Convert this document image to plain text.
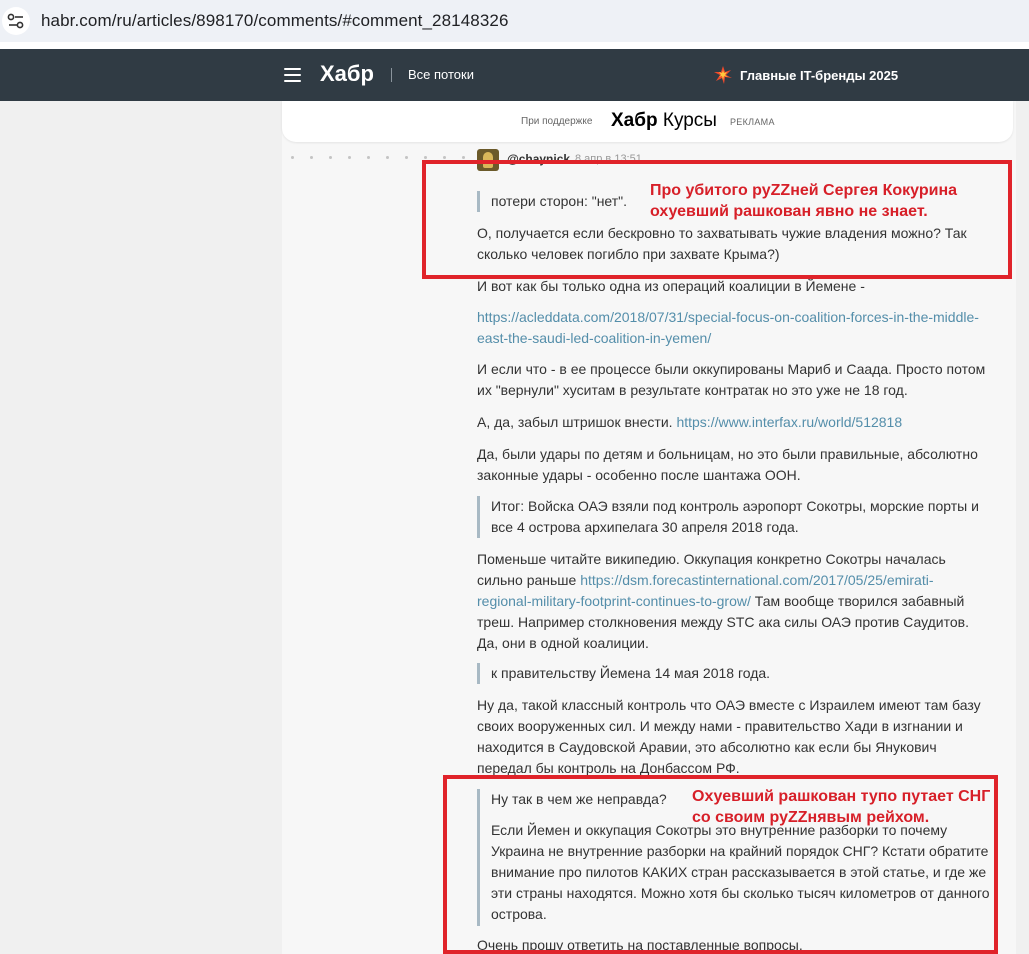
habr.com/ru/articles/898170/comments/#comment_28148326
Хабр	Все потоки	Главные IT-бренды 2025
При поддержке Хабр Курсы РЕКЛАМА
@chaynick 8 апр в 13:51
потери сторон: "нет".
О, получается если бескровно то захватывать чужие владения можно? Так сколько человек погибло при захвате Крыма?)
И вот как бы только одна из операций коалиции в Йемене -
https://acleddata.com/2018/07/31/special-focus-on-coalition-forces-in-the-middle-east-the-saudi-led-coalition-in-yemen/
И если что - в ее процессе были оккупированы Мариб и Саада. Просто потом их "вернули" хуситам в результате контратак но это уже не 18 год.
А, да, забыл штришок внести. https://www.interfax.ru/world/512818
Да, были удары по детям и больницам, но это были правильные, абсолютно законные удары - особенно после шантажа ООН.
Итог: Войска ОАЭ взяли под контроль аэропорт Сокотры, морские порты и все 4 острова архипелага 30 апреля 2018 года.
Поменьше читайте википедию. Оккупация конкретно Сокотры началась сильно раньше https://dsm.forecastinternational.com/2017/05/25/emirati-regional-military-footprint-continues-to-grow/ Там вообще творился забавный треш. Например столкновения между STC ака силы ОАЭ против Саудитов. Да, они в одной коалиции.
к правительству Йемена 14 мая 2018 года.
Ну да, такой классный контроль что ОАЭ вместе с Израилем имеют там базу своих вооруженных сил. И между нами - правительство Хади в изгнании и находится в Саудовской Аравии, это абсолютно как если бы Янукович передал бы контроль на Донбассом РФ.
Ну так в чем же неправда?
Если Йемен и оккупация Сокотры это внутренние разборки то почему Украина не внутренние разборки на крайний порядок СНГ? Кстати обратите внимание про пилотов КАКИХ стран рассказывается в этой статье, и где же эти страны находятся. Можно хотя бы сколько тысяч километров от данного острова.
Очень прошу ответить на поставленные вопросы.
Про убитого руZZней Сергея Кокурина охуевший рашкован явно не знает.
Охуевший рашкован тупо путает СНГ со своим руZZнявым рейхом.
